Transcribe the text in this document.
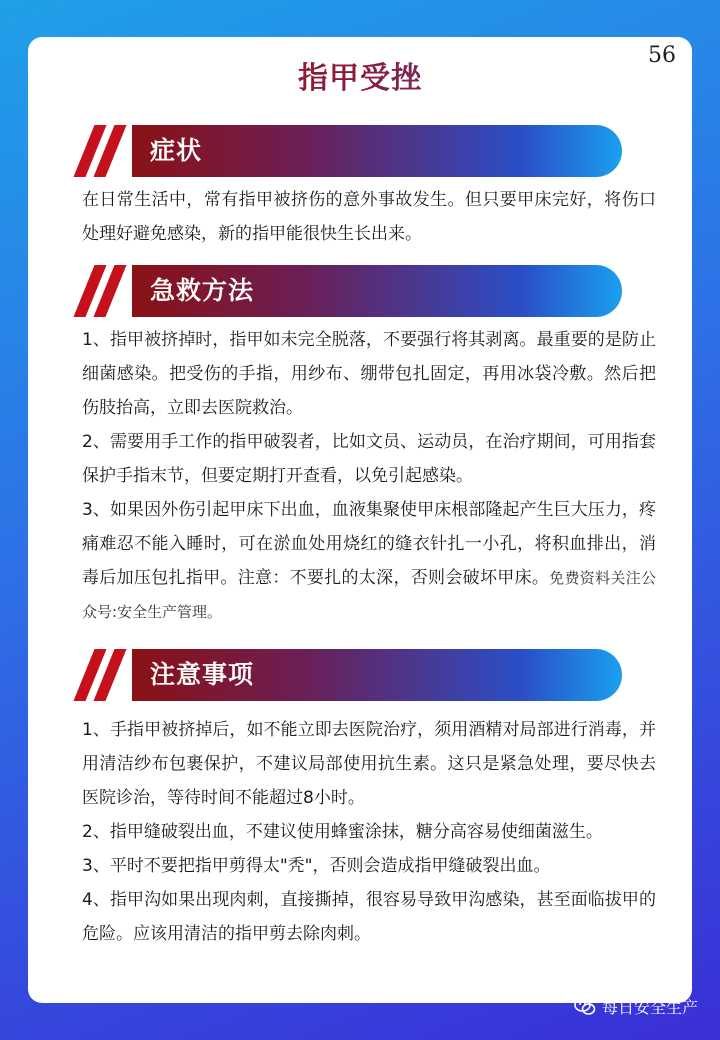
指甲受挫
症状

在日常生活中，常有指甲被挤伤的意外事故发生。但只要甲床完好，将伤口处理好避免感染，新的指甲能很快生长出来。

急救方法

1、指甲被挤掉时，指甲如未完全脱落，不要强行将其剥离。最重要的是防止细菌感染。把受伤的手指，用纱布、绷带包扎固定，再用冰袋冷敷。然后把伤肢抬高，立即去医院救治。

2、需要用手工作的指甲破裂者，比如文员、运动员，在治疗期间，可用指套保护手指末节，但要定期打开查看，以免引起感染。

3、如果因外伤引起甲床下出血，血液集聚使甲床根部隆起产生巨大压力，疼痛难忍不能入睡时，可在淤血处用烧红的缝衣针扎一小孔，将积血排出，消毒后加压包扎指甲。注意：不要扎的太深，否则会破坏甲床。免费资料关注公众号:安全生产管理。

注意事项

1、手指甲被挤掉后，如不能立即去医院治疗，须用酒精对局部进行消毒，并用清洁纱布包裹保护，不建议局部使用抗生素。这只是紧急处理，要尽快去医院诊治，等待时间不能超过8小时。

2、指甲缝破裂出血，不建议使用蜂蜜涂抹，糖分高容易使细菌滋生。

3、平时不要把指甲剪得太"秃"，否则会造成指甲缝破裂出血。

4、指甲沟如果出现肉刺，直接撕掉，很容易导致甲沟感染，甚至面临拔甲的危险。应该用清洁的指甲剪去除肉刺。

每日安全生产
